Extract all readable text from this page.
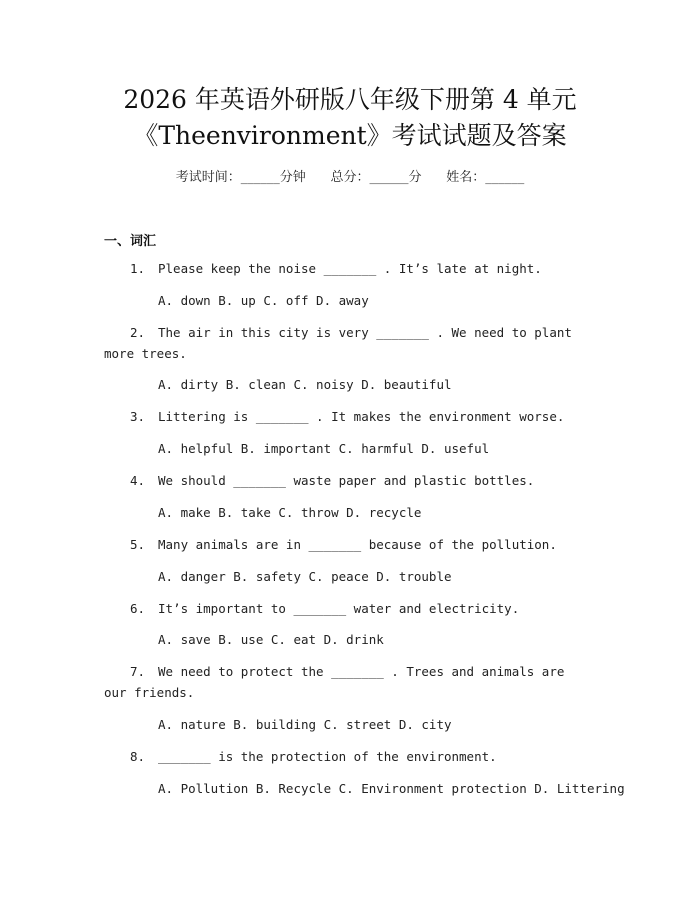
2026 年英语外研版八年级下册第 4 单元
《Theenvironment》考试试题及答案
考试时间：______分钟      总分：______分      姓名：______
一、词汇
1. Please keep the noise _______ . It’s late at night.
A. down B. up C. off D. away
2. The air in this city is very _______ . We need to plant more trees.
A. dirty B. clean C. noisy D. beautiful
3. Littering is _______ . It makes the environment worse.
A. helpful B. important C. harmful D. useful
4. We should _______ waste paper and plastic bottles.
A. make B. take C. throw D. recycle
5. Many animals are in _______ because of the pollution.
A. danger B. safety C. peace D. trouble
6. It’s important to _______ water and electricity.
A. save B. use C. eat D. drink
7. We need to protect the _______ . Trees and animals are our friends.
A. nature B. building C. street D. city
8. _______ is the protection of the environment.
A. Pollution B. Recycle C. Environment protection D. Littering
